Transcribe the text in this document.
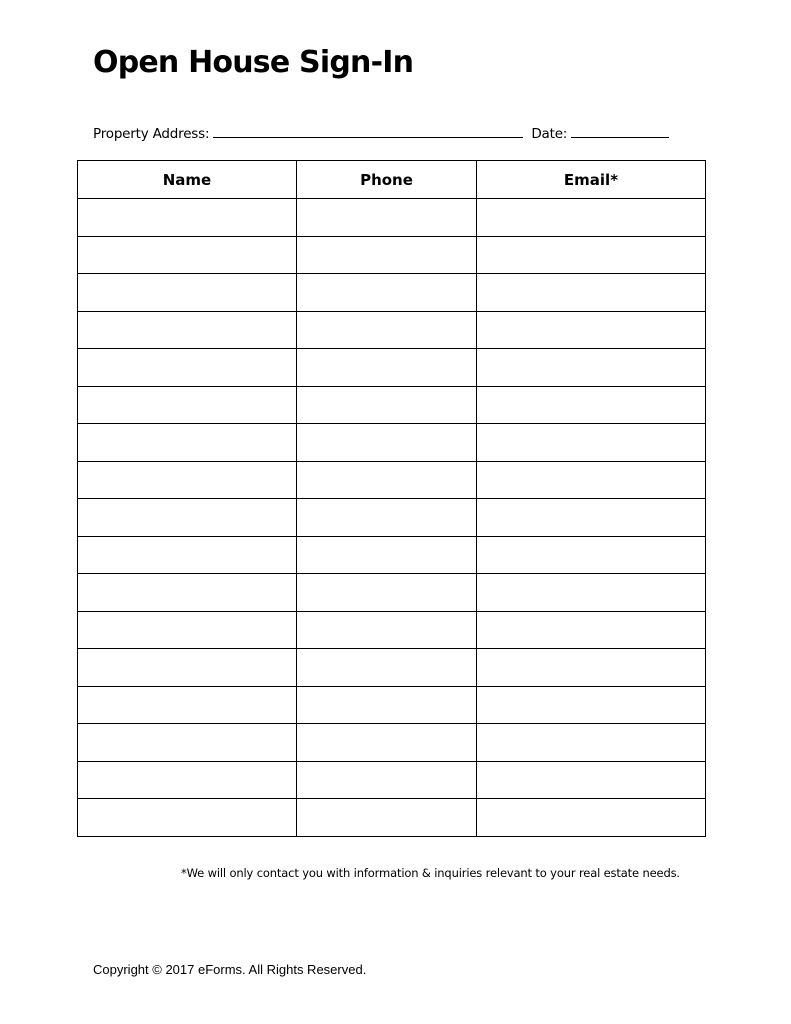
Open House Sign-In
Property Address:	Date:
Name	Phone	Email*

*We will only contact you with information & inquiries relevant to your real estate needs.
Copyright © 2017 eForms. All Rights Reserved.
